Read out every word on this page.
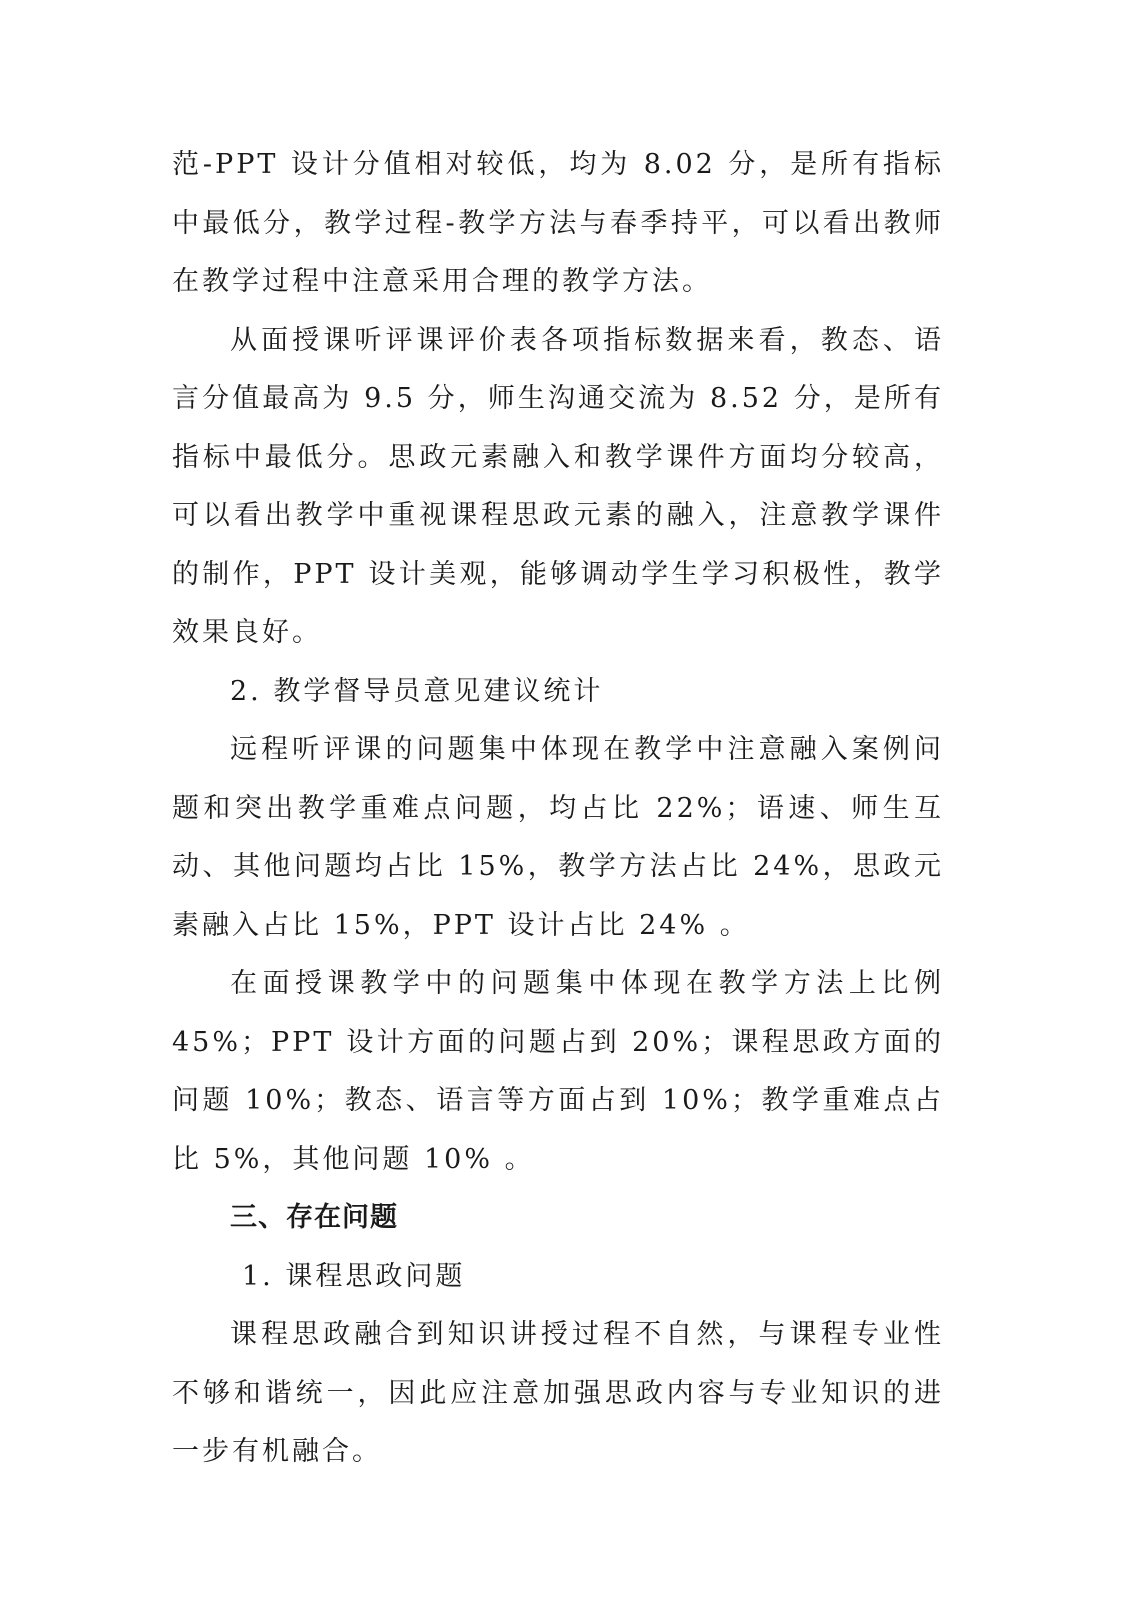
范-PPT 设计分值相对较低，均为 8.02 分，是所有指标中最低分，教学过程-教学方法与春季持平，可以看出教师在教学过程中注意采用合理的教学方法。

从面授课听评课评价表各项指标数据来看，教态、语言分值最高为 9.5 分，师生沟通交流为 8.52 分，是所有指标中最低分。思政元素融入和教学课件方面均分较高，可以看出教学中重视课程思政元素的融入，注意教学课件的制作，PPT 设计美观，能够调动学生学习积极性，教学效果良好。

2. 教学督导员意见建议统计

远程听评课的问题集中体现在教学中注意融入案例问题和突出教学重难点问题，均占比 22%；语速、师生互动、其他问题均占比 15%，教学方法占比 24%，思政元素融入占比 15%，PPT 设计占比 24% 。

在面授课教学中的问题集中体现在教学方法上比例 45%；PPT 设计方面的问题占到 20%；课程思政方面的问题 10%；教态、语言等方面占到 10%；教学重难点占比 5%，其他问题 10% 。

三、存在问题

1. 课程思政问题

课程思政融合到知识讲授过程不自然，与课程专业性不够和谐统一，因此应注意加强思政内容与专业知识的进一步有机融合。
